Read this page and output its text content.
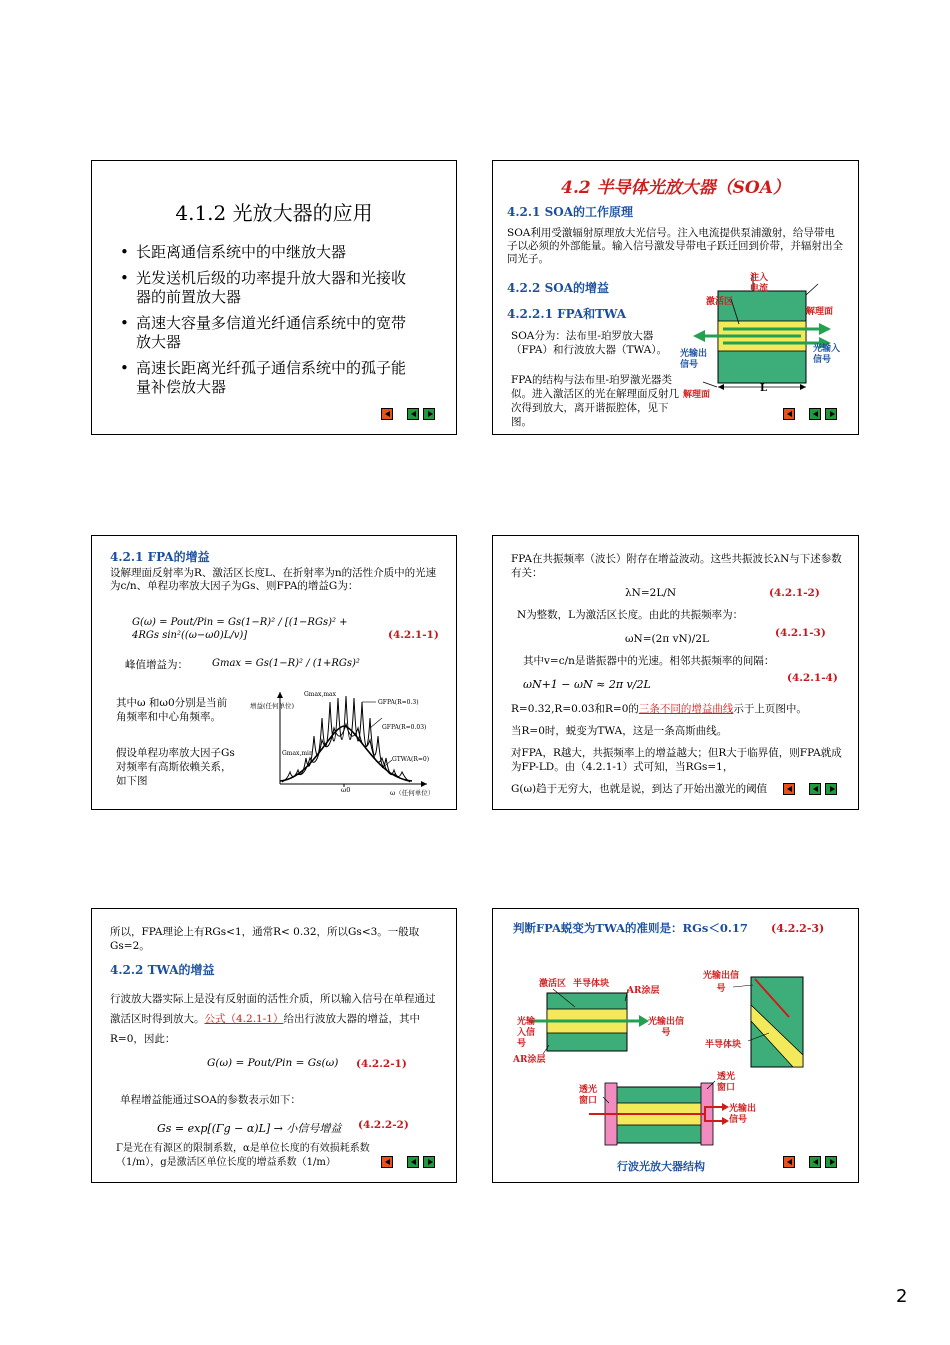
4.1.2 光放大器的应用
• 长距离通信系统中的中继放大器
• 光发送机后级的功率提升放大器和光接收器的前置放大器
• 高速大容量多信道光纤通信系统中的宽带放大器
• 高速长距离光纤孤子通信系统中的孤子能量补偿放大器
4.2 半导体光放大器（SOA）
4.2.1 SOA的工作原理
SOA利用受激辐射原理放大光信号。注入电流提供泵浦激射，给导带电子以必须的外部能量。输入信号激发导带电子跃迁回到价带，并辐射出全同光子。
4.2.2 SOA的增益
4.2.2.1 FPA和TWA
SOA分为：法布里-珀罗放大器（FPA）和行波放大器（TWA）。
FPA的结构与法布里-珀罗激光器类似。进入激活区的光在解理面反射几次得到放大，离开谐振腔体，见下图。
激活区
注入电流
解理面
光输出信号
光输入信号
解理面
L
4.2.1 FPA的增益
设解理面反射率为R、激活区长度L、在折射率为n的活性介质中的光速为c/n、单程功率放大因子为Gs、则FPA的增益G为：
G(ω) = Pout/Pin = Gs(1−R)² / [(1−RGs)² + 4RGs sin²((ω−ω0)L/v)]	(4.2.1-1)
峰值增益为： Gmax = Gs(1−R)² / (1+RGs)²
其中ω 和ω0分别是当前角频率和中心角频率。
假设单程功率放大因子Gs对频率有高斯依赖关系，如下图
增益(任何单位)
ω（任何单位）
Gmax,max
GFPA(R=0.3)
GFPA(R=0.03)
GTWA(R=0)
Gmax,min
ω0
FPA在共振频率（波长）附存在增益波动。这些共振波长λN与下述参数有关：
λN=2L/N	(4.2.1-2)
N为整数，L为激活区长度。由此的共振频率为：
ωN=(2π vN)/2L	(4.2.1-3)
其中v=c/n是谐振器中的光速。相邻共振频率的间隔：
ωN+1 − ωN ≈ 2π v/2L	(4.2.1-4)
R=0.32,R=0.03和R=0的三条不同的增益曲线示于上页图中。
当R=0时，蜕变为TWA，这是一条高斯曲线。
对FPA，R越大，共振频率上的增益越大；但R大于临界值，则FPA就成为FP-LD。由（4.2.1-1）式可知，当RGs=1，
G(ω)趋于无穷大，也就是说，到达了开始出激光的阈值
所以，FPA理论上有RGs<1，通常R< 0.32，所以Gs<3。一般取Gs=2。
4.2.2 TWA的增益
行波放大器实际上是没有反射面的活性介质，所以输入信号在单程通过激活区时得到放大。公式（4.2.1-1）给出行波放大器的增益，其中R=0，因此：
G(ω) = Pout/Pin = Gs(ω) (4.2.2-1)
单程增益能通过SOA的参数表示如下：
Gs = exp[(Γg − α)L] → 小信号增益 (4.2.2-2)
Γ是光在有源区的限制系数，α是单位长度的有效损耗系数（1/m），g是激活区单位长度的增益系数（1/m）
判断FPA蜕变为TWA的准则是：RGs＜0.17 (4.2.2-3)
激活区 半导体块
AR涂层
光输入信号
光输出信号
AR涂层
光输出信号
半导体块
透光窗口
透光窗口
光输出信号
行波光放大器结构
2
